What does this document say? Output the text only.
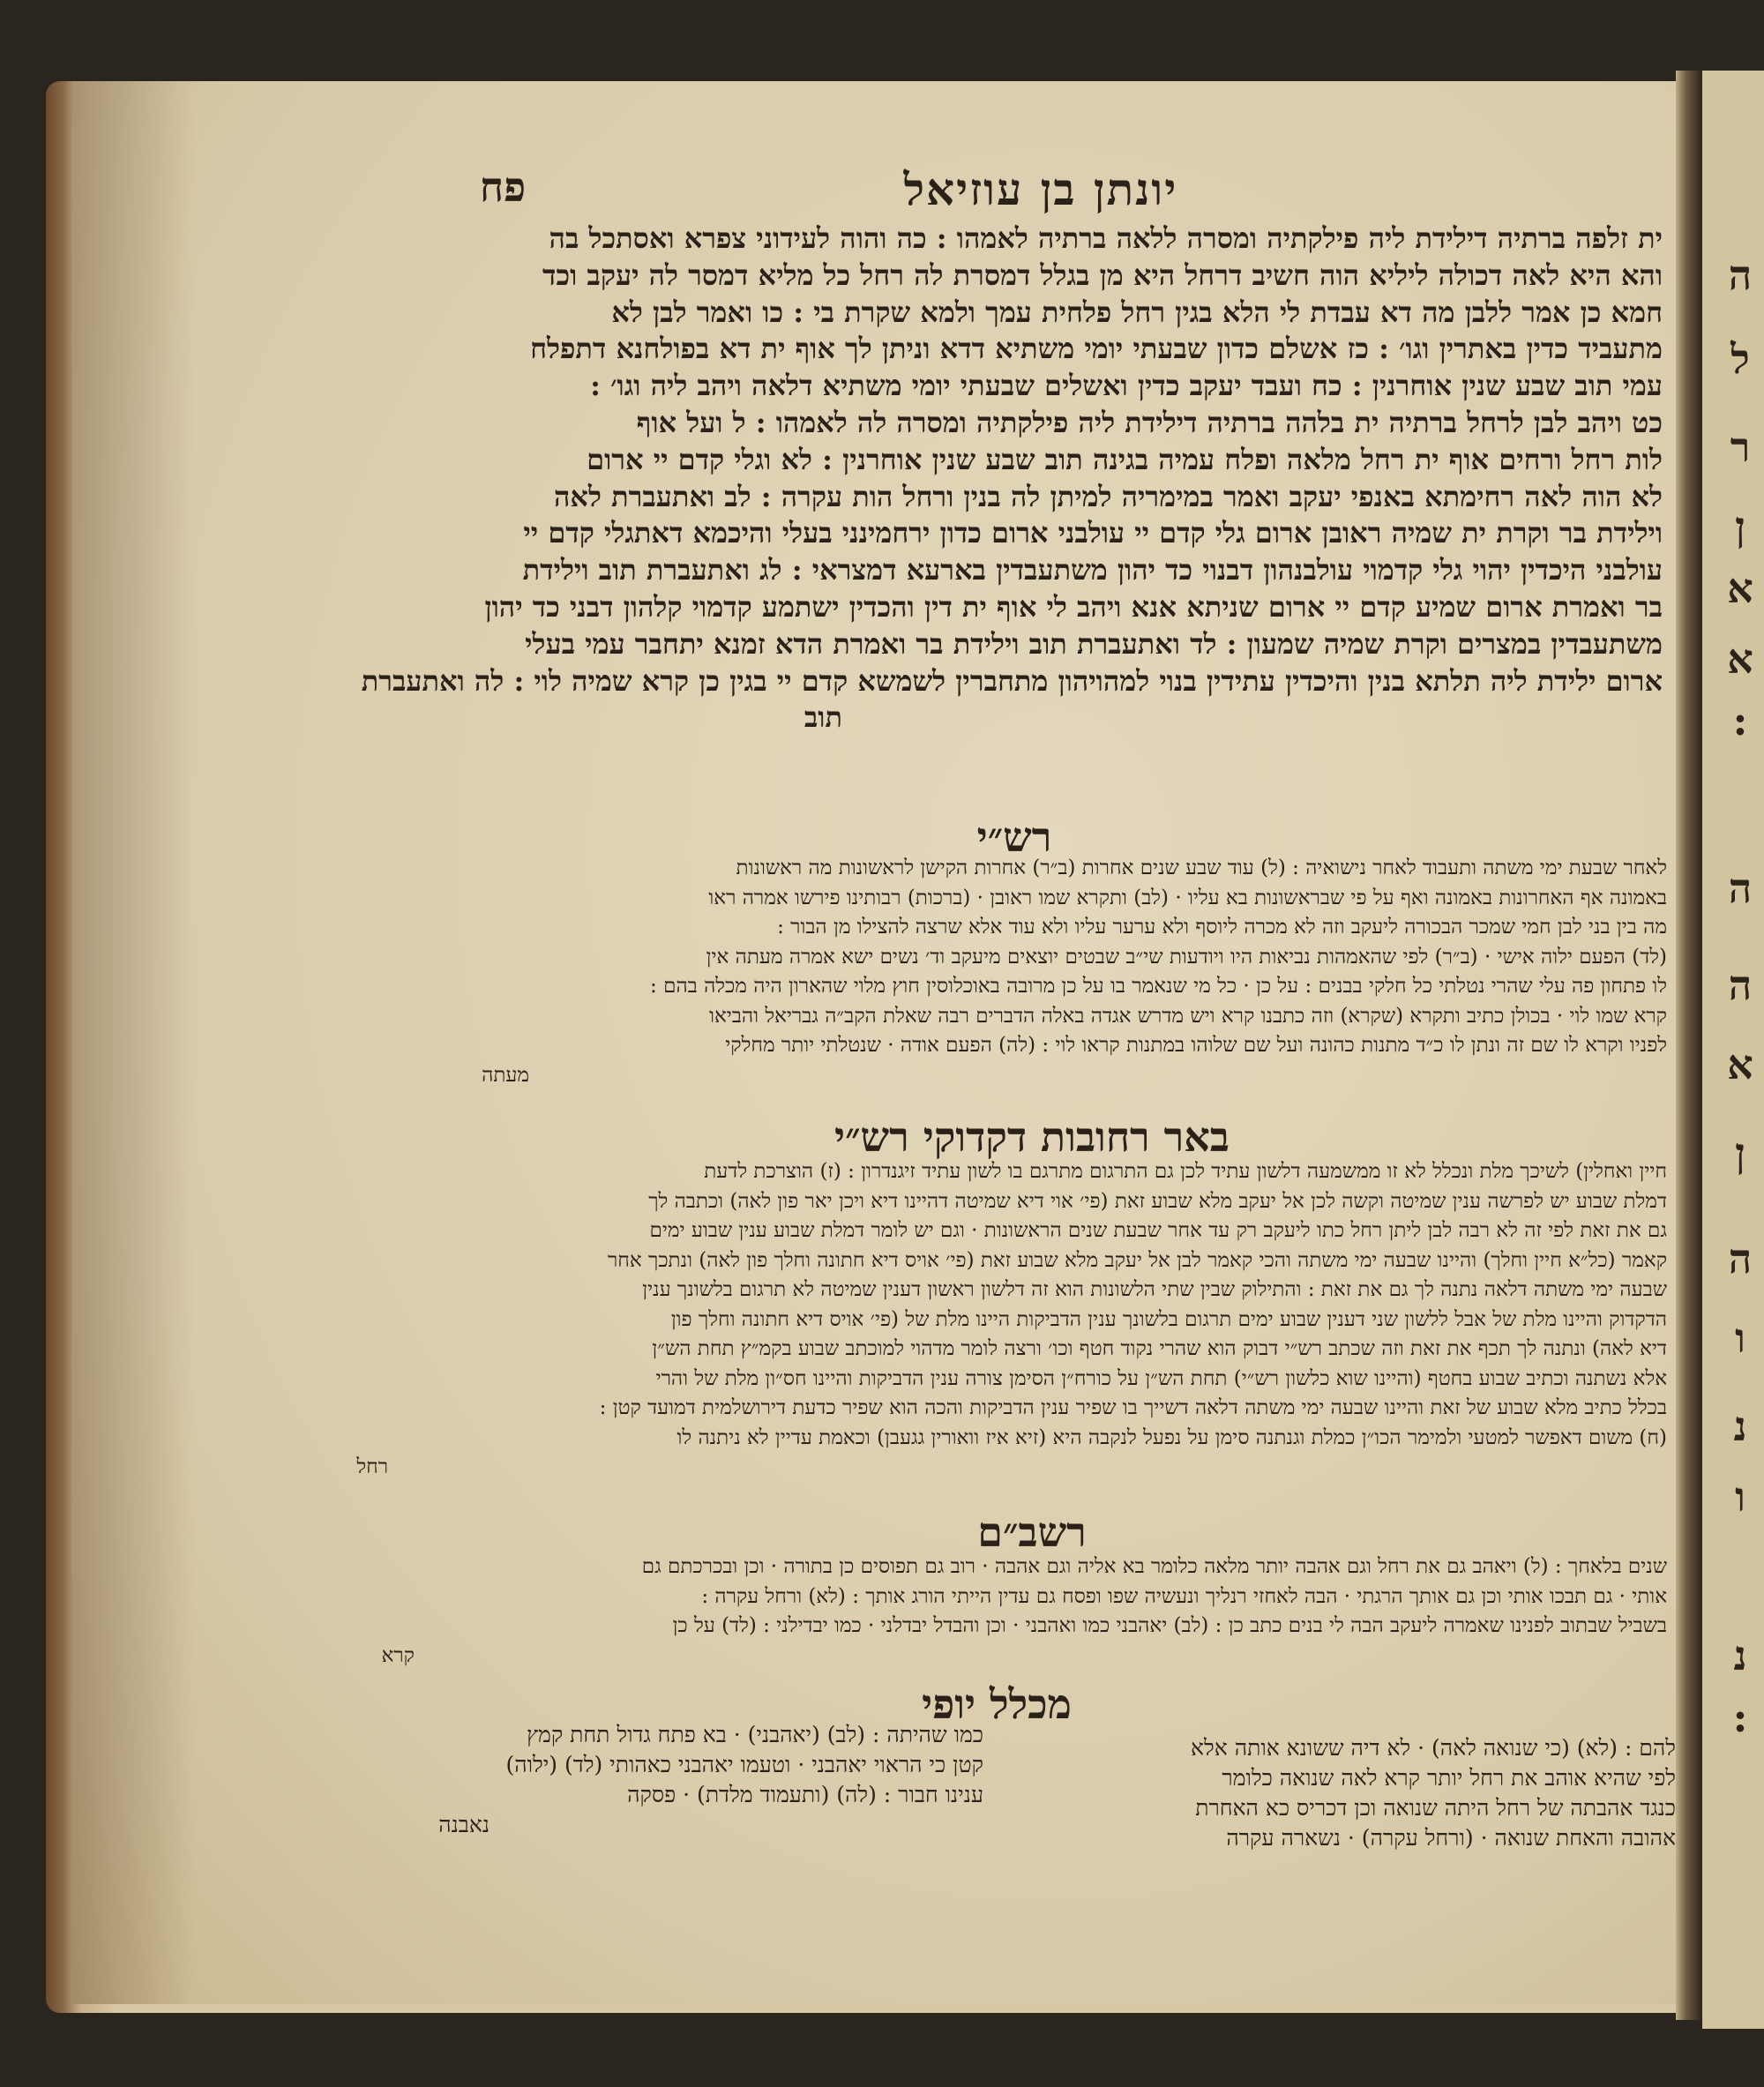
ה
ל
ר
ן
א
א
:
ה
ה
א
ן
ה
ו
נ
ו
נ
:
יונתן בן עוזיאל
פח

ית זלפה ברתיה דילידת ליה פילקתיה ומסרה ללאה ברתיה לאמהו : כה והוה לעידוני צפרא ואסתכל בה

והא היא לאה דכולה ליליא הוה חשיב דרחל היא מן בגלל דמסרת לה רחל כל מליא דמסר לה יעקב וכד

חמא כן אמר ללבן מה דא עבדת לי הלא בגין רחל פלחית עמך ולמא שקרת בי : כו ואמר לבן לא

מתעביד כדין באתרין וגו׳ : כז אשלם כדון שבעתי יומי משתיא דדא וניתן לך אוף ית דא בפולחנא דתפלח

עמי תוב שבע שנין אוחרנין : כח ועבד יעקב כדין ואשלים שבעתי יומי משתיא דלאה ויהב ליה וגו׳ :

כט ויהב לבן לרחל ברתיה ית בלהה ברתיה דילידת ליה פילקתיה ומסרה לה לאמהו : ל ועל אוף

לות רחל ורחים אוף ית רחל מלאה ופלח עמיה בגינה תוב שבע שנין אוחרנין : לא וגלי קדם יי ארום

לא הוה לאה רחימתא באנפי יעקב ואמר במימריה למיתן לה בנין ורחל הות עקרה : לב ואתעברת לאה

וילידת בר וקרת ית שמיה ראובן ארום גלי קדם יי עולבני ארום כדון ירחמינני בעלי והיכמא דאתגלי קדם יי

עולבני היכדין יהוי גלי קדמוי עולבנהון דבנוי כד יהון משתעבדין בארעא דמצראי : לג ואתעברת תוב וילידת

בר ואמרת ארום שמיע קדם יי ארום שניתא אנא ויהב לי אוף ית דין והכדין ישתמע קדמוי קלהון דבני כד יהון

משתעבדין במצרים וקרת שמיה שמעון : לד ואתעברת תוב וילידת בר ואמרת הדא זמנא יתחבר עמי בעלי

ארום ילידת ליה תלתא בנין והיכדין עתידין בנוי למהויהון מתחברין לשמשא קדם יי בגין כן קרא שמיה לוי : לה ואתעברת

תוב

רש״י

לאחר שבעת ימי משתה ותעבוד לאחר נישואיה : (ל) עוד שבע שנים אחרות (ב״ר) אחרות הקישן לראשונות מה ראשונות

באמונה אף האחרונות באמונה ואף על פי שבראשונות בא עליו · (לב) ותקרא שמו ראובן · (ברכות) רבותינו פירשו אמרה ראו

מה בין בני לבן חמי שמכר הבכורה ליעקב וזה לא מכרה ליוסף ולא ערער עליו ולא עוד אלא שרצה להצילו מן הבור :

(לד) הפעם ילוה אישי · (ב״ר) לפי שהאמהות נביאות היו ויודעות שי״ב שבטים יוצאים מיעקב וד׳ נשים ישא אמרה מעתה אין

לו פתחון פה עלי שהרי נטלתי כל חלקי בבנים : על כן · כל מי שנאמר בו על כן מרובה באוכלוסין חוץ מלוי שהארון היה מכלה בהם :

קרא שמו לוי · בכולן כתיב ותקרא (שקרא) וזה כתבנו קרא ויש מדרש אגדה באלה הדברים רבה שאלת הקב״ה גבריאל והביאו

לפניו וקרא לו שם זה ונתן לו כ״ד מתנות כהונה ועל שם שלוהו במתנות קראו לוי : (לה) הפעם אודה · שנטלתי יותר מחלקי

מעתה

באר רחובות דקדוקי רש״י

חיין ואחלין) לשיכך מלת ונכלל לא זו ממשמעה דלשון עתיד לכן גם התרגום מתרגם בו לשון עתיד זיגנדרון : (ז) הוצרכת לדעת

דמלת שבוע יש לפרשה ענין שמיטה וקשה לכן אל יעקב מלא שבוע זאת (פי׳ אוי דיא שמיטה דהיינו דיא ויכן יאר פון לאה) וכתבה לך

גם את זאת לפי זה לא רבה לבן ליתן רחל כתו ליעקב רק עד אחר שבעת שנים הראשונות · וגם יש לומר דמלת שבוע ענין שבוע ימים

קאמר (כל״א חיין וחלך) והיינו שבעה ימי משתה והכי קאמר לבן אל יעקב מלא שבוע זאת (פי׳ אויס דיא חתונה וחלך פון לאה) ונתכך אחר

שבעה ימי משתה דלאה נתנה לך גם את זאת : והתילוק שבין שתי הלשונות הוא זה דלשון ראשון דענין שמיטה לא תרגום בלשונך ענין

הדקדוק והיינו מלת של אבל ללשון שני דענין שבוע ימים תרגום בלשונך ענין הדביקות היינו מלת של (פי׳ אויס דיא חתונה וחלך פון

דיא לאה) ונתנה לך תכף את זאת וזה שכתב רש״י דבוק הוא שהרי נקוד חטף וכו׳ ורצה לומר מדהוי למוכתב שבוע בקמ״ץ תחת הש״ן

אלא נשתנה וכתיב שבוע בחטף (והיינו שוא כלשון רש״י) תחת הש״ן על כורח״ן הסימן צורה ענין הדביקות והיינו חס״ון מלת של והרי

בכלל כתיב מלא שבוע של זאת והיינו שבעה ימי משתה דלאה דשייך בו שפיר ענין הדביקות והכה הוא שפיר כדעת דירושלמית דמועד קטן :

(ח) משום דאפשר למטעי ולמימר הכו״ן כמלת וגנתנה סימן על נפעל לנקבה היא (זיא איז וואורין גגעבן) וכאמת עדיין לא ניתנה לו

רחל

רשב״ם

שנים בלאחך : (ל) ויאהב גם את רחל וגם אהבה יותר מלאה כלומר בא אליה וגם אהבה · רוב גם תפוסים כן בתורה · וכן ובכרכתם גם

אותי · גם תבכו אותי וכן גם אותך הרגתי · הבה לאחזי רנליך ונעשיה שפו ופסח גם עדין הייתי הורג אותך : (לא) ורחל עקרה :

בשביל שבתוב לפנינו שאמרה ליעקב הבה לי בנים כתב כן : (לב) יאהבני כמו ואהבני · וכן והבדל יבדלני · כמו יבדילני : (לד) על כן

קרא

מכלל יופי

להם : (לא) (כי שנואה לאה) · לא דיה ששונא אותה אלא

לפי שהיא אוהב את רחל יותר קרא לאה שנואה כלומר

כנגד אהבתה של רחל היתה שנואה וכן דכריס כא האחרת

אהובה והאחת שנואה · (ורחל עקרה) · נשארה עקרה

כמו שהיתה : (לב) (יאהבני) · בא פתח גדול תחת קמץ

קטן כי הראוי יאהבני · וטעמו יאהבני כאהותי (לד) (ילוה)

ענינו חבור : (לה) (ותעמוד מלדת) · פסקה

נאבנה
